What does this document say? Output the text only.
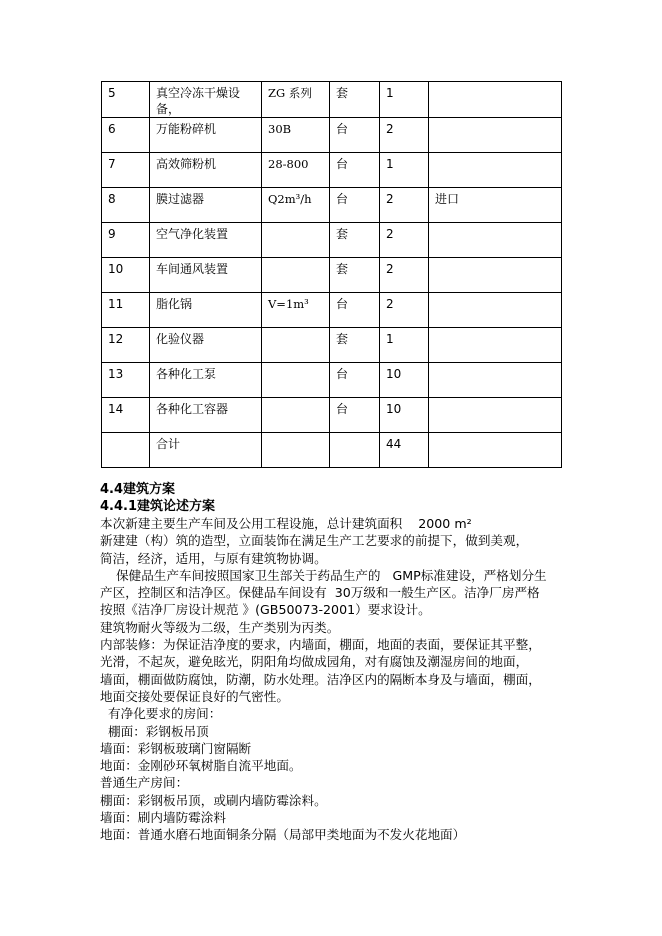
5	真空冷冻干燥设备，	ZG 系列	套	1	
6	万能粉碎机	30B	台	2	
7	高效筛粉机	28-800	台	1	
8	膜过滤器	Q2m³/h	台	2	进口
9	空气净化装置		套	2	
10	车间通风装置		套	2	
11	脂化锅	V=1m³	台	2	
12	化验仪器		套	1	
13	各种化工泵		台	10	
14	各种化工容器		台	10	
	合计			44	
4.4建筑方案
4.4.1建筑论述方案

本次新建主要生产车间及公用工程设施，总计建筑面积    2000 m²

新建建（构）筑的造型，立面装饰在满足生产工艺要求的前提下，做到美观，

简洁，经济，适用，与原有建筑物协调。

保健品生产车间按照国家卫生部关于药品生产的   GMP标准建设，严格划分生

产区，控制区和洁净区。保健品车间设有  30万级和一般生产区。洁净厂房严格

按照《洁净厂房设计规范 》(GB50073-2001）要求设计。

建筑物耐火等级为二级，生产类别为丙类。

内部装修：为保证洁净度的要求，内墙面，棚面，地面的表面，要保证其平整，

光滑，不起灰，避免眩光，阴阳角均做成园角，对有腐蚀及潮湿房间的地面，

墙面，棚面做防腐蚀，防潮，防水处理。洁净区内的隔断本身及与墙面，棚面，

地面交接处要保证良好的气密性。

有净化要求的房间：

棚面：彩钢板吊顶

墙面：彩钢板玻璃门窗隔断

地面：金刚砂环氧树脂自流平地面。

普通生产房间：

棚面：彩钢板吊顶，或刷内墙防霉涂料。

墙面：刷内墙防霉涂料

地面：普通水磨石地面铜条分隔（局部甲类地面为不发火花地面）
